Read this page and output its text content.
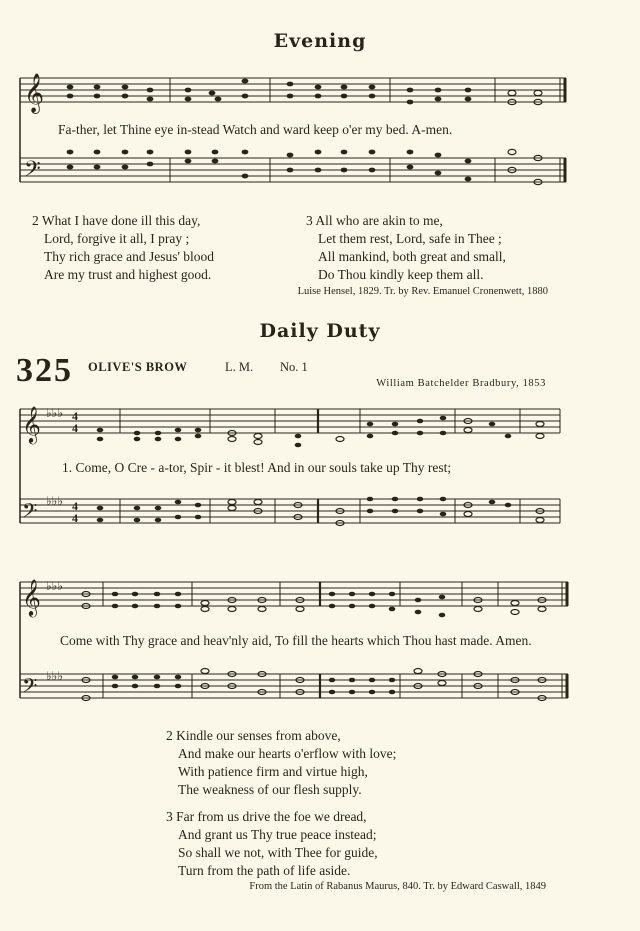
Evening
𝄞
𝄢
Fa-ther, let Thine eye in-stead Watch and ward keep o'er my bed. A-men.
2 What I have done ill this day,
Lord, forgive it all, I pray ;
Thy rich grace and Jesus' blood
Are my trust and highest good.
3 All who are akin to me,
Let them rest, Lord, safe in Thee ;
All mankind, both great and small,
Do Thou kindly keep them all.
Luise Hensel, 1829. Tr. by Rev. Emanuel Cronenwett, 1880
Daily Duty
325 OLIVE'S BROW	L. M. No. 1
William Batchelder Bradbury, 1853
𝄞
𝄢
♭♭♭
♭♭♭
4
4
4
4
1. Come, O Cre - a-tor, Spir - it blest! And in our souls take up Thy rest;
𝄞
𝄢
♭♭♭
♭♭♭
Come with Thy grace and heav'nly aid, To fill the hearts which Thou hast made. Amen.
2 Kindle our senses from above,
And make our hearts o'erflow with love;
With patience firm and virtue high,
The weakness of our flesh supply.
3 Far from us drive the foe we dread,
And grant us Thy true peace instead;
So shall we not, with Thee for guide,
Turn from the path of life aside.
From the Latin of Rabanus Maurus, 840. Tr. by Edward Caswall, 1849
